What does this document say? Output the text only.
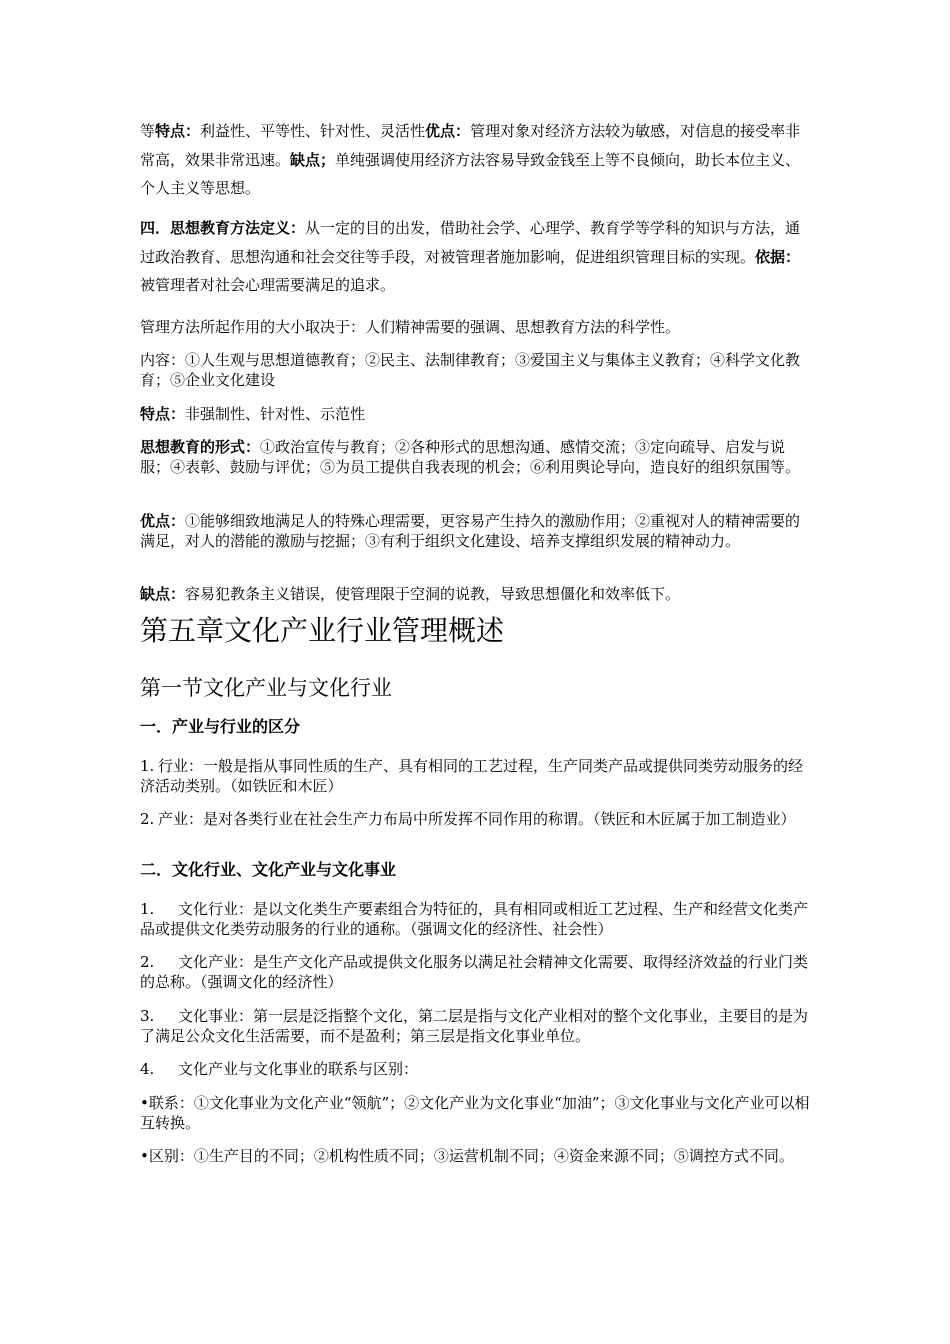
等特点：利益性、平等性、针对性、灵活性优点：管理对象对经济方法较为敏感，对信息的接受率非常高，效果非常迅速。缺点；单纯强调使用经济方法容易导致金钱至上等不良倾向，助长本位主义、个人主义等思想。

四．思想教育方法定义：从一定的目的出发，借助社会学、心理学、教育学等学科的知识与方法，通过政治教育、思想沟通和社会交往等手段，对被管理者施加影响，促进组织管理目标的实现。依据：被管理者对社会心理需要满足的追求。

管理方法所起作用的大小取决于：人们精神需要的强调、思想教育方法的科学性。

内容：①人生观与思想道德教育；②民主、法制律教育；③爱国主义与集体主义教育；④科学文化教育；⑤企业文化建设

特点：非强制性、针对性、示范性

思想教育的形式：①政治宣传与教育；②各种形式的思想沟通、感情交流；③定向疏导、启发与说服；④表彰、鼓励与评优；⑤为员工提供自我表现的机会；⑥利用舆论导向，造良好的组织氛围等。

优点：①能够细致地满足人的特殊心理需要，更容易产生持久的激励作用；②重视对人的精神需要的满足，对人的潜能的激励与挖掘；③有利于组织文化建设、培养支撑组织发展的精神动力。

缺点：容易犯教条主义错误，使管理限于空洞的说教，导致思想僵化和效率低下。

第五章文化产业行业管理概述
第一节文化产业与文化行业
一．产业与行业的区分

1. 行业：一般是指从事同性质的生产、具有相同的工艺过程，生产同类产品或提供同类劳动服务的经济活动类别。（如铁匠和木匠）

2. 产业：是对各类行业在社会生产力布局中所发挥不同作用的称谓。（铁匠和木匠属于加工制造业）

二．文化行业、文化产业与文化事业

1. 文化行业：是以文化类生产要素组合为特征的，具有相同或相近工艺过程、生产和经营文化类产品或提供文化类劳动服务的行业的通称。（强调文化的经济性、社会性）

2. 文化产业：是生产文化产品或提供文化服务以满足社会精神文化需要、取得经济效益的行业门类的总称。（强调文化的经济性）

3. 文化事业：第一层是泛指整个文化，第二层是指与文化产业相对的整个文化事业，主要目的是为了满足公众文化生活需要，而不是盈利；第三层是指文化事业单位。

4. 文化产业与文化事业的联系与区别：

•联系：①文化事业为文化产业“领航”；②文化产业为文化事业“加油”；③文化事业与文化产业可以相互转换。

•区别：①生产目的不同；②机构性质不同；③运营机制不同；④资金来源不同；⑤调控方式不同。
